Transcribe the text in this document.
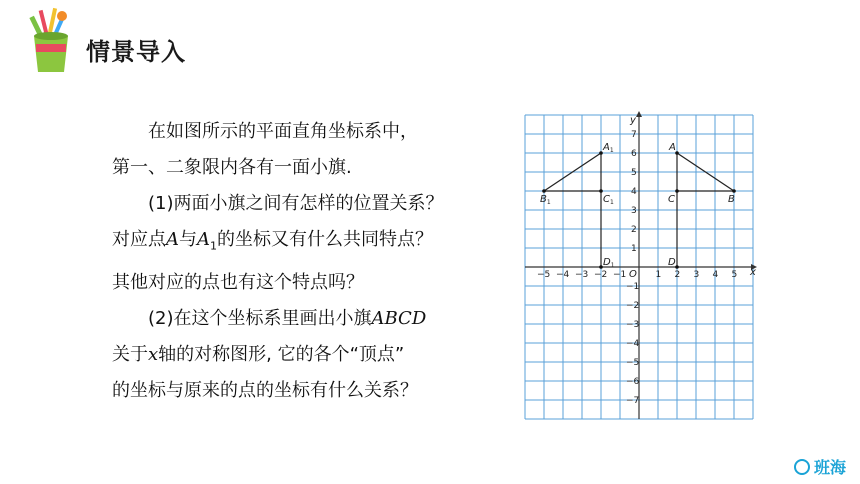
情景导入
在如图所示的平面直角坐标系中，
第一、二象限内各有一面小旗.
(1)两面小旗之间有怎样的位置关系？
对应点A与$A_1$的坐标又有什么共同特点？
其他对应的点也有这个特点吗？
(2)在这个坐标系里画出小旗ABCD
关于x轴的对称图形, 它的各个“顶点”
的坐标与原来的点的坐标有什么关系？
x
y
O
−5 −4 −3 −2 −1	1 2 3 4 5
7
6
5
4
3
2
1
−1
−2
−3
−4
−5
−6
−7
A
B
C
D
$A_1$
$B_1$	$C_1$
$D_1$
班海
